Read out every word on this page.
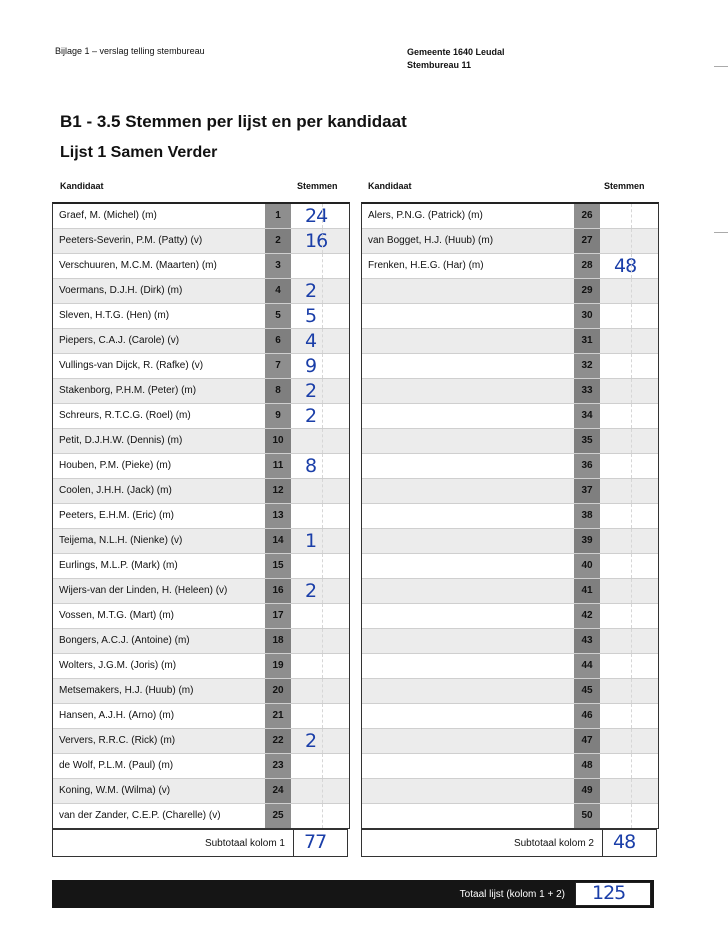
Bijlage 1 – verslag telling stembureau	Gemeente 1640 Leudal
Stembureau 11
B1 - 3.5 Stemmen per lijst en per kandidaat
Lijst 1 Samen Verder
Kandidaat	Stemmen	Kandidaat	Stemmen
Graef, M. (Michel) (m)	1	24
Peeters-Severin, P.M. (Patty) (v)	2	16
Verschuuren, M.C.M. (Maarten) (m)	3
Voermans, D.J.H. (Dirk) (m)	4	2
Sleven, H.T.G. (Hen) (m)	5	5
Piepers, C.A.J. (Carole) (v)	6	4
Vullings-van Dijck, R. (Rafke) (v)	7	9
Stakenborg, P.H.M. (Peter) (m)	8	2
Schreurs, R.T.C.G. (Roel) (m)	9	2
Petit, D.J.H.W. (Dennis) (m)	10
Houben, P.M. (Pieke) (m)	11	8
Coolen, J.H.H. (Jack) (m)	12
Peeters, E.H.M. (Eric) (m)	13
Teijema, N.L.H. (Nienke) (v)	14	1
Eurlings, M.L.P. (Mark) (m)	15
Wijers-van der Linden, H. (Heleen) (v)	16	2
Vossen, M.T.G. (Mart) (m)	17
Bongers, A.C.J. (Antoine) (m)	18
Wolters, J.G.M. (Joris) (m)	19
Metsemakers, H.J. (Huub) (m)	20
Hansen, A.J.H. (Arno) (m)	21
Ververs, R.R.C. (Rick) (m)	22	2
de Wolf, P.L.M. (Paul) (m)	23
Koning, W.M. (Wilma) (v)	24
van der Zander, C.E.P. (Charelle) (v)	25
Alers, P.N.G. (Patrick) (m)	26
van Bogget, H.J. (Huub) (m)	27
Frenken, H.E.G. (Har) (m)	28	48
29
30
31
32
33
34
35
36
37
38
39
40
41
42
43
44
45
46
47
48
49
50
Subtotaal kolom 1	77	Subtotaal kolom 2	48
Totaal lijst (kolom 1 + 2)	125
